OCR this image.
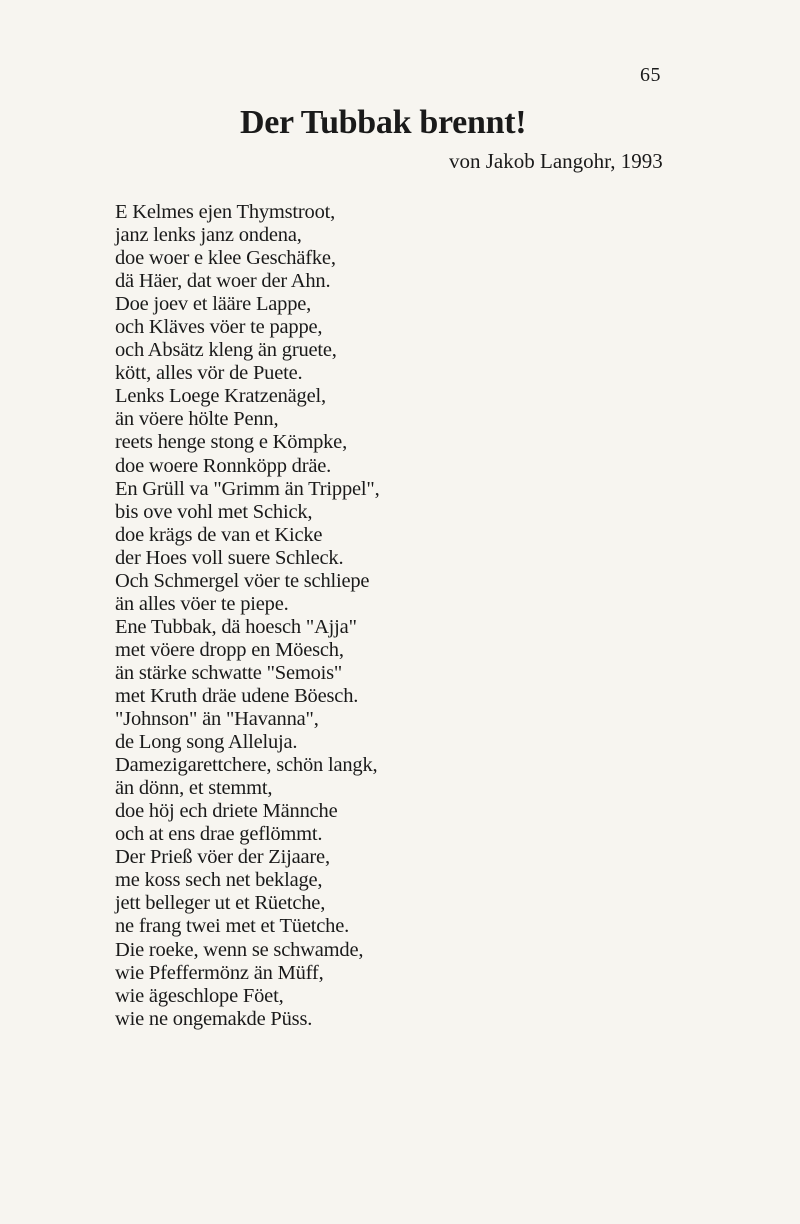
65
Der Tubbak brennt!
von Jakob Langohr, 1993
E Kelmes ejen Thymstroot,
janz lenks janz ondena,
doe woer e klee Geschäfke,
dä Häer, dat woer der Ahn.
Doe joev et lääre Lappe,
och Kläves vöer te pappe,
och Absätz kleng än gruete,
kött, alles vör de Puete.
Lenks Loege Kratzenägel,
än vöere hölte Penn,
reets henge stong e Kömpke,
doe woere Ronnköpp dräe.
En Grüll va "Grimm än Trippel",
bis ove vohl met Schick,
doe krägs de van et Kicke
der Hoes voll suere Schleck.
Och Schmergel vöer te schliepe
än alles vöer te piepe.
Ene Tubbak, dä hoesch "Ajja"
met vöere dropp en Möesch,
än stärke schwatte "Semois"
met Kruth dräe udene Böesch.
"Johnson" än "Havanna",
de Long song Alleluja.
Damezigarettchere, schön langk,
än dönn, et stemmt,
doe höj ech driete Männche
och at ens drae geflömmt.
Der Prieß vöer der Zijaare,
me koss sech net beklage,
jett belleger ut et Rüetche,
ne frang twei met et Tüetche.
Die roeke, wenn se schwamde,
wie Pfeffermönz än Müff,
wie ägeschlope Föet,
wie ne ongemakde Püss.
